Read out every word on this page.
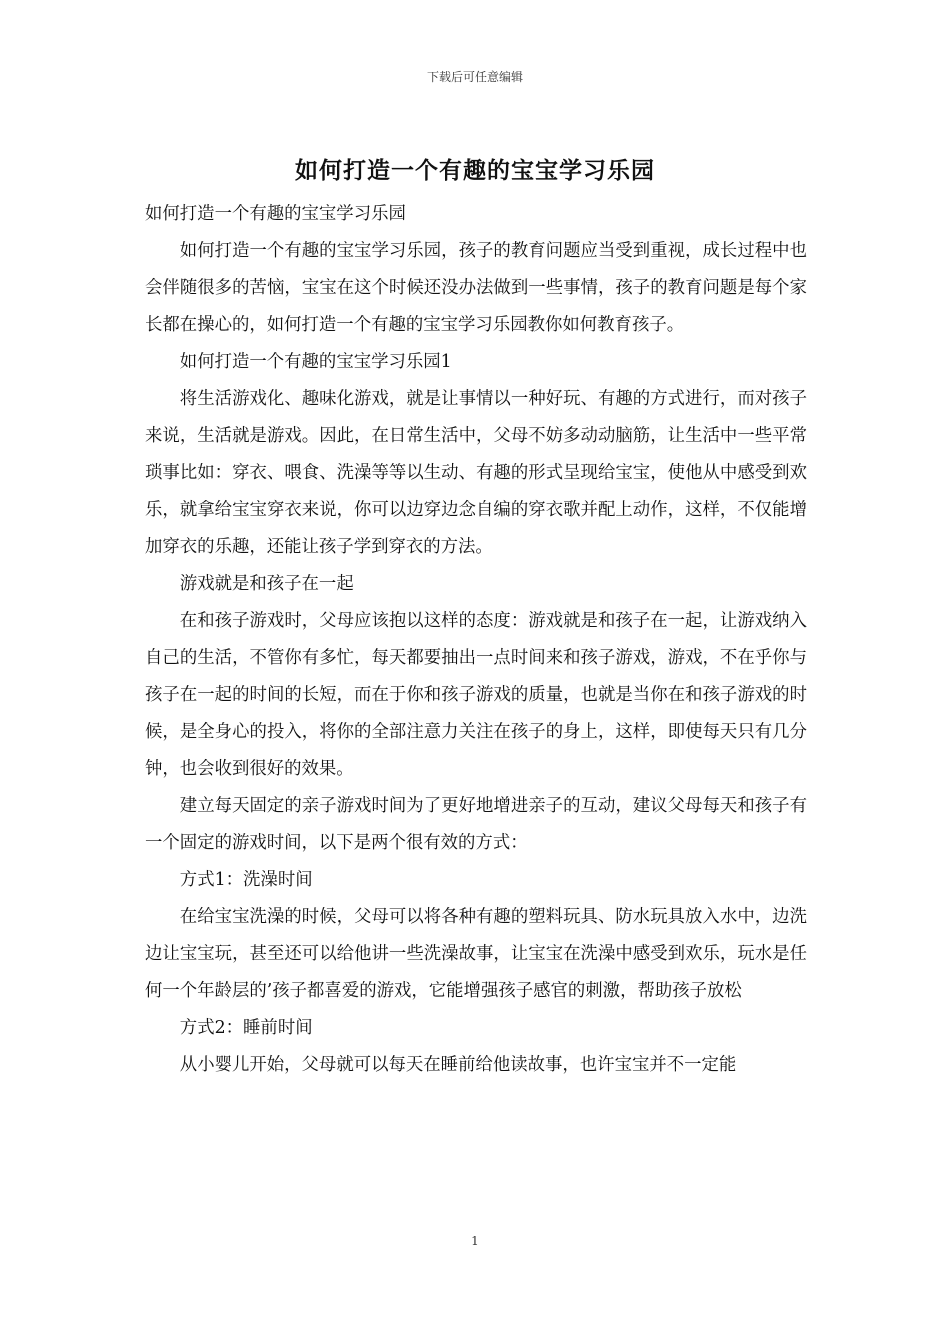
下载后可任意编辑
如何打造一个有趣的宝宝学习乐园

如何打造一个有趣的宝宝学习乐园

如何打造一个有趣的宝宝学习乐园，孩子的教育问题应当受到重视，成长过程中也会伴随很多的苦恼，宝宝在这个时候还没办法做到一些事情，孩子的教育问题是每个家长都在操心的，如何打造一个有趣的宝宝学习乐园教你如何教育孩子。

如何打造一个有趣的宝宝学习乐园1

将生活游戏化、趣味化游戏，就是让事情以一种好玩、有趣的方式进行，而对孩子来说，生活就是游戏。因此，在日常生活中，父母不妨多动动脑筋，让生活中一些平常琐事比如：穿衣、喂食、洗澡等等以生动、有趣的形式呈现给宝宝，使他从中感受到欢乐，就拿给宝宝穿衣来说，你可以边穿边念自编的穿衣歌并配上动作，这样，不仅能增加穿衣的乐趣，还能让孩子学到穿衣的方法。

游戏就是和孩子在一起

在和孩子游戏时，父母应该抱以这样的态度：游戏就是和孩子在一起，让游戏纳入自己的生活，不管你有多忙，每天都要抽出一点时间来和孩子游戏，游戏，不在乎你与孩子在一起的时间的长短，而在于你和孩子游戏的质量，也就是当你在和孩子游戏的时候，是全身心的投入，将你的全部注意力关注在孩子的身上，这样，即使每天只有几分钟，也会收到很好的效果。

建立每天固定的亲子游戏时间为了更好地增进亲子的互动，建议父母每天和孩子有一个固定的游戏时间，以下是两个很有效的方式：

方式1：洗澡时间

在给宝宝洗澡的时候，父母可以将各种有趣的塑料玩具、防水玩具放入水中，边洗边让宝宝玩，甚至还可以给他讲一些洗澡故事，让宝宝在洗澡中感受到欢乐，玩水是任何一个年龄层的’孩子都喜爱的游戏，它能增强孩子感官的刺激，帮助孩子放松

方式2：睡前时间

从小婴儿开始，父母就可以每天在睡前给他读故事，也许宝宝并不一定能

1
